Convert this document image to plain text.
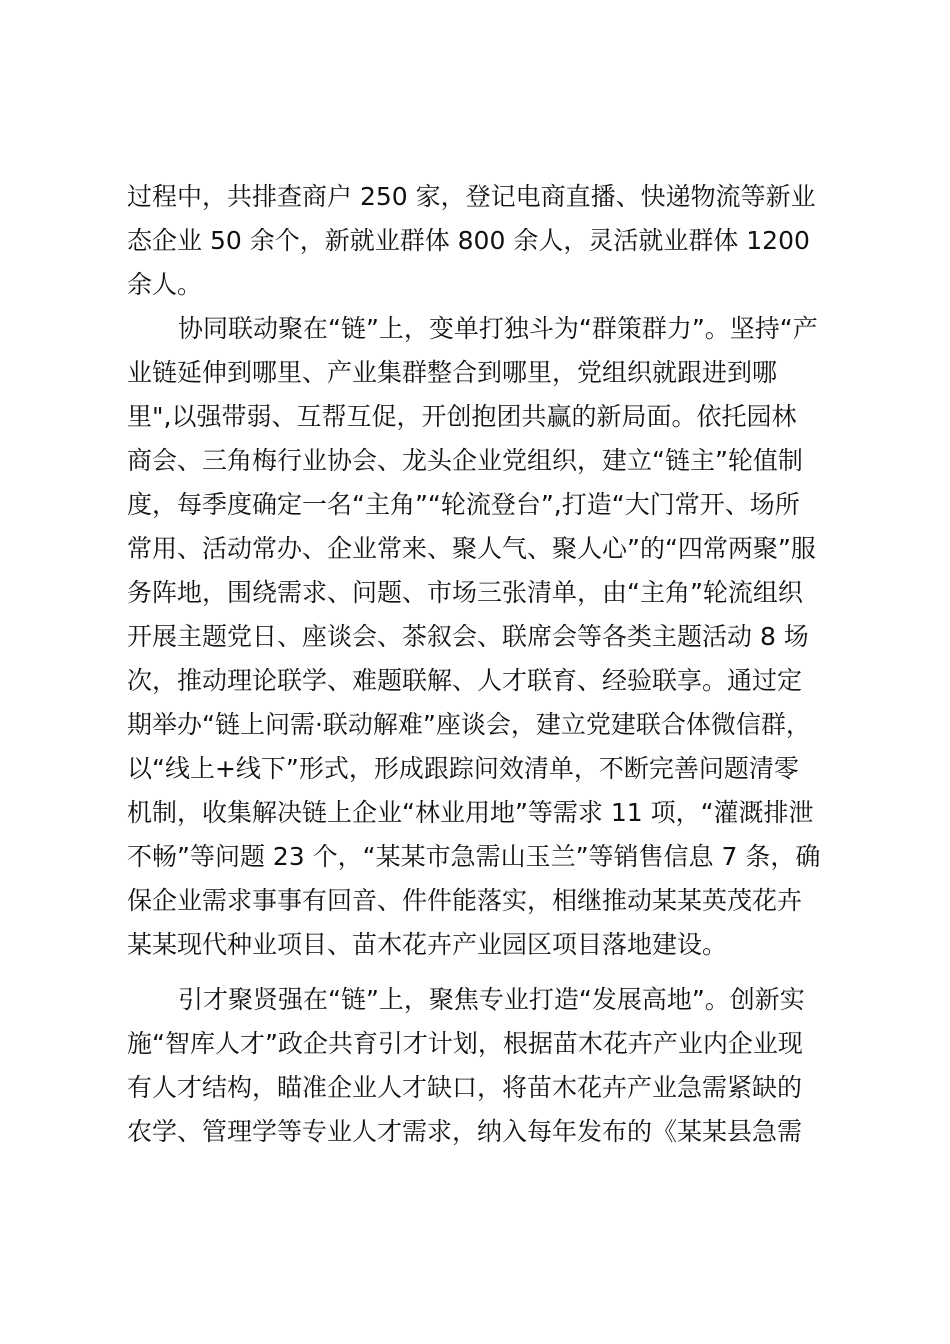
过程中，共排查商户 250 家，登记电商直播、快递物流等新业
态企业 50 余个，新就业群体 800 余人，灵活就业群体 1200
余人。
协同联动聚在“链”上，变单打独斗为“群策群力”。坚持“产
业链延伸到哪里、产业集群整合到哪里，党组织就跟进到哪
里",以强带弱、互帮互促，开创抱团共赢的新局面。依托园林
商会、三角梅行业协会、龙头企业党组织，建立“链主”轮值制
度，每季度确定一名“主角”“轮流登台”,打造“大门常开、场所
常用、活动常办、企业常来、聚人气、聚人心”的“四常两聚”服
务阵地，围绕需求、问题、市场三张清单，由“主角”轮流组织
开展主题党日、座谈会、茶叙会、联席会等各类主题活动 8 场
次，推动理论联学、难题联解、人才联育、经验联享。通过定
期举办“链上问需·联动解难”座谈会，建立党建联合体微信群，
以“线上+线下”形式，形成跟踪问效清单，不断完善问题清零
机制，收集解决链上企业“林业用地”等需求 11 项，“灌溉排泄
不畅”等问题 23 个，“某某市急需山玉兰”等销售信息 7 条，确
保企业需求事事有回音、件件能落实，相继推动某某英茂花卉
某某现代种业项目、苗木花卉产业园区项目落地建设。
引才聚贤强在“链”上，聚焦专业打造“发展高地”。创新实
施“智库人才”政企共育引才计划，根据苗木花卉产业内企业现
有人才结构，瞄准企业人才缺口，将苗木花卉产业急需紧缺的
农学、管理学等专业人才需求，纳入每年发布的《某某县急需
